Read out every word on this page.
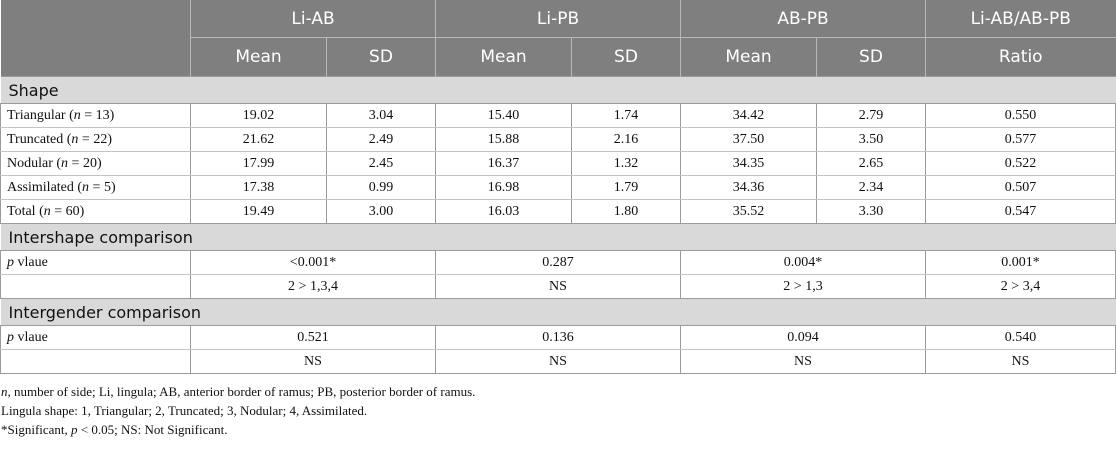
	Li-AB		Li-PB		AB-PB		Li-AB/AB-PB
	Mean	SD	Mean	SD	Mean	SD	Ratio
Shape							
Triangular (n = 13)	19.02	3.04	15.40	1.74	34.42	2.79	0.550
Truncated (n = 22)	21.62	2.49	15.88	2.16	37.50	3.50	0.577
Nodular (n = 20)	17.99	2.45	16.37	1.32	34.35	2.65	0.522
Assimilated (n = 5)	17.38	0.99	16.98	1.79	34.36	2.34	0.507
Total (n = 60)	19.49	3.00	16.03	1.80	35.52	3.30	0.547
Intershape comparison							
p vlaue	<0.001*		0.287		0.004*		0.001*
	2 > 1,3,4		NS		2 > 1,3		2 > 3,4
Intergender comparison							
p vlaue	0.521		0.136		0.094		0.540
	NS		NS		NS		NS
n, number of side; Li, lingula; AB, anterior border of ramus; PB, posterior border of ramus.
Lingula shape: 1, Triangular; 2, Truncated; 3, Nodular; 4, Assimilated.
*Significant, p < 0.05; NS: Not Significant.
